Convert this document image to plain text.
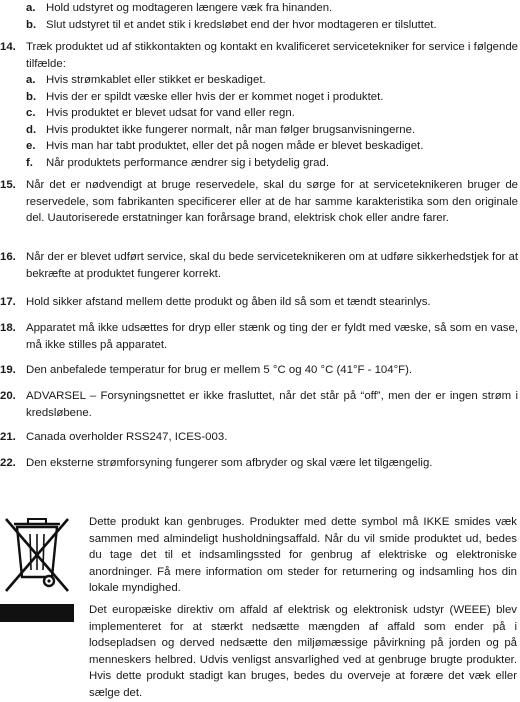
a. Hold udstyret og modtageren længere væk fra hinanden.
b. Slut udstyret til et andet stik i kredsløbet end der hvor modtageren er tilsluttet.
14. Træk produktet ud af stikkontakten og kontakt en kvalificeret servicetekniker for service i følgende tilfælde:
a. Hvis strømkablet eller stikket er beskadiget.
b. Hvis der er spildt væske eller hvis der er kommet noget i produktet.
c. Hvis produktet er blevet udsat for vand eller regn.
d. Hvis produktet ikke fungerer normalt, når man følger brugsanvisningerne.
e. Hvis man har tabt produktet, eller det på nogen måde er blevet beskadiget.
f. Når produktets performance ændrer sig i betydelig grad.
15. Når det er nødvendigt at bruge reservedele, skal du sørge for at serviceteknikeren bruger de reservedele, som fabrikanten specificerer eller at de har samme karakteristika som den originale del. Uautoriserede erstatninger kan forårsage brand, elektrisk chok eller andre farer.
16. Når der er blevet udført service, skal du bede serviceteknikeren om at udføre sikkerhedstjek for at bekræfte at produktet fungerer korrekt.
17. Hold sikker afstand mellem dette produkt og åben ild så som et tændt stearinlys.
18. Apparatet må ikke udsættes for dryp eller stænk og ting der er fyldt med væske, så som en vase, må ikke stilles på apparatet.
19. Den anbefalede temperatur for brug er mellem 5 °C og 40 °C (41°F - 104°F).
20. ADVARSEL – Forsyningsnettet er ikke frasluttet, når det står på “off”, men der er ingen strøm i kredsløbene.
21. Canada overholder RSS247, ICES-003.
22. Den eksterne strømforsyning fungerer som afbryder og skal være let tilgængelig.
Dette produkt kan genbruges. Produkter med dette symbol må IKKE smides væk sammen med almindeligt husholdningsaffald. Når du vil smide produktet ud, bedes du tage det til et indsamlingssted for genbrug af elektriske og elektroniske anordninger. Få mere information om steder for returnering og indsamling hos din lokale myndighed.
Det europæiske direktiv om affald af elektrisk og elektronisk udstyr (WEEE) blev implementeret for at stærkt nedsætte mængden af affald som ender på i lodsepladsen og derved nedsætte den miljømæssige påvirkning på jorden og på menneskers helbred. Udvis venligst ansvarlighed ved at genbruge brugte produkter. Hvis dette produkt stadigt kan bruges, bedes du overveje at forære det væk eller sælge det.
